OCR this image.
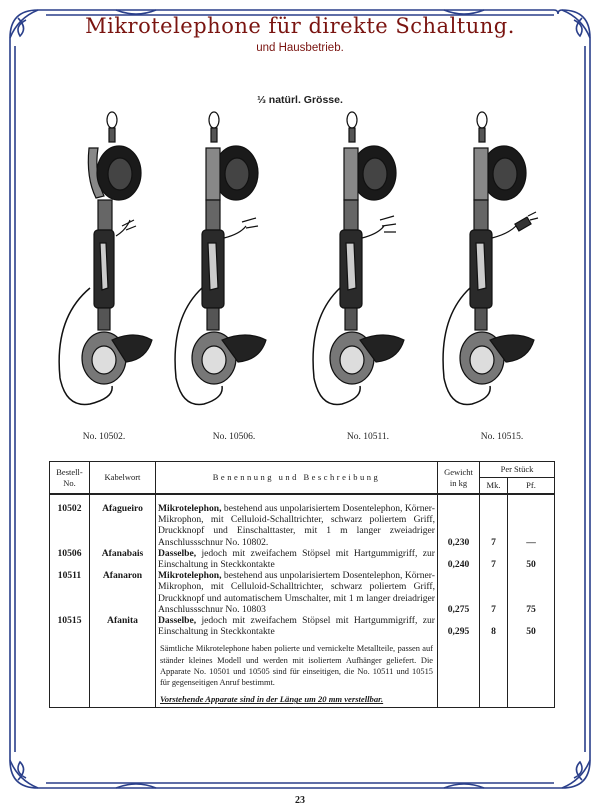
Mikrotelephone für direkte Schaltung.
und Hausbetrieb.
⅓ natürl. Grösse.
No. 10502.	No. 10506.	No. 10511.	No. 10515.
Bestell-
No.	Kabelwort	Benennung und Beschreibung	Gewicht
in kg	Per Stück	
				Mk.	Pf.
10502	Afagueiro	Mikrotelephon, bestehend aus unpolarisiertem Dosentelephon, Körner-Mikrophon, mit Celluloid-Schalltrichter, schwarz poliertem Griff, Druckknopf und Einschalttaster, mit 1 m langer zweiadriger Anschlussschnur No. 10802.	0,230	7	—
10506	Afanabais	Dasselbe, jedoch mit zweifachem Stöpsel mit Hartgummigriff, zur Einschaltung in Steckkontakte	0,240	7	50
10511	Afanaron	Mikrotelephon, bestehend aus unpolarisiertem Dosentelephon, Körner-Mikrophon, mit Celluloid-Schalltrichter, schwarz poliertem Griff, Druckknopf und automatischem Umschalter, mit 1 m langer dreiadriger Anschlussschnur No. 10803	0,275	7	75
10515	Afanita	Dasselbe, jedoch mit zweifachem Stöpsel mit Hartgummigriff, zur Einschaltung in Steckkontakte	0,295	8	50
		Sämtliche Mikrotelephone haben polierte und vernickelte Metallteile, passen auf ständer kleines Modell und werden mit isoliertem Aufhänger geliefert. Die Apparate No. 10501 und 10505 sind für einseitigen, die No. 10511 und 10515 für gegenseitigen Anruf bestimmt.
Vorstehende Apparate sind in der Länge um 20 mm verstellbar.			

23
